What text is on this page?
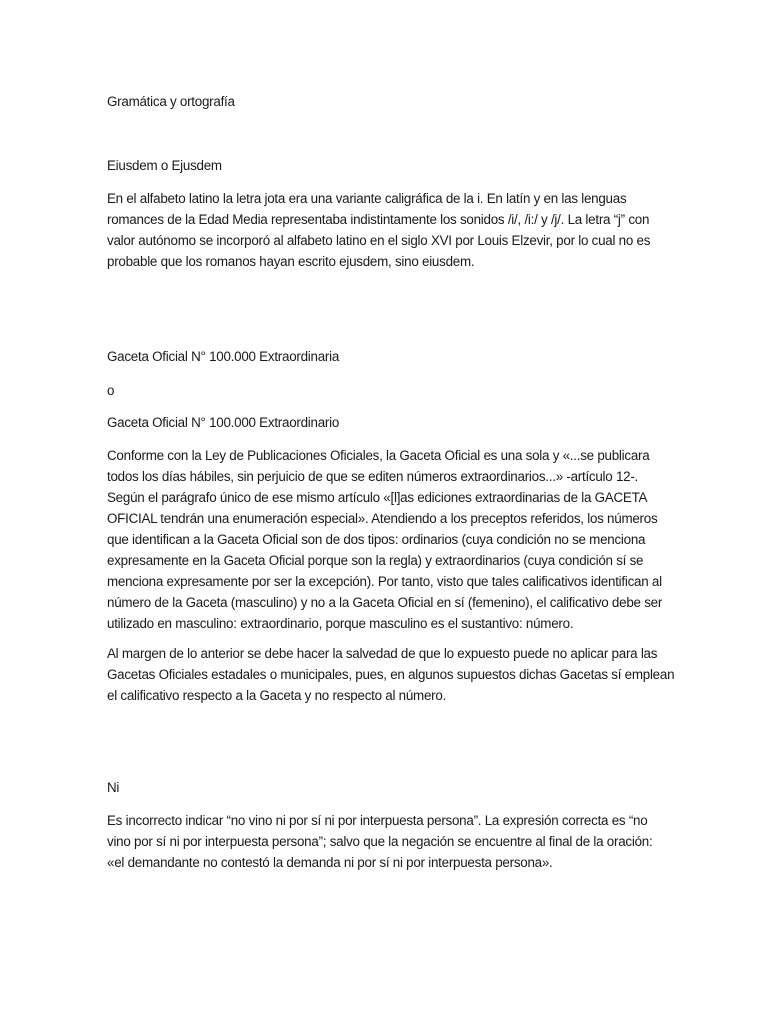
Gramática y ortografía
Eiusdem o Ejusdem
En el alfabeto latino la letra jota era una variante caligráfica de la i. En latín y en las lenguas
romances de la Edad Media representaba indistintamente los sonidos /i/, /i:/ y /j/. La letra “j” con
valor autónomo se incorporó al alfabeto latino en el siglo XVI por Louis Elzevir, por lo cual no es
probable que los romanos hayan escrito ejusdem, sino eiusdem.
Gaceta Oficial N° 100.000 Extraordinaria
o
Gaceta Oficial N° 100.000 Extraordinario
Conforme con la Ley de Publicaciones Oficiales, la Gaceta Oficial es una sola y «...se publicara
todos los días hábiles, sin perjuicio de que se editen números extraordinarios...» -artículo 12-.
Según el parágrafo único de ese mismo artículo «[l]as ediciones extraordinarias de la GACETA
OFICIAL tendrán una enumeración especial». Atendiendo a los preceptos referidos, los números
que identifican a la Gaceta Oficial son de dos tipos: ordinarios (cuya condición no se menciona
expresamente en la Gaceta Oficial porque son la regla) y extraordinarios (cuya condición sí se
menciona expresamente por ser la excepción). Por tanto, visto que tales calificativos identifican al
número de la Gaceta (masculino) y no a la Gaceta Oficial en sí (femenino), el calificativo debe ser
utilizado en masculino: extraordinario, porque masculino es el sustantivo: número.
Al margen de lo anterior se debe hacer la salvedad de que lo expuesto puede no aplicar para las
Gacetas Oficiales estadales o municipales, pues, en algunos supuestos dichas Gacetas sí emplean
el calificativo respecto a la Gaceta y no respecto al número.
Ni
Es incorrecto indicar “no vino ni por sí ni por interpuesta persona”. La expresión correcta es “no
vino por sí ni por interpuesta persona”; salvo que la negación se encuentre al final de la oración:
«el demandante no contestó la demanda ni por sí ni por interpuesta persona».
